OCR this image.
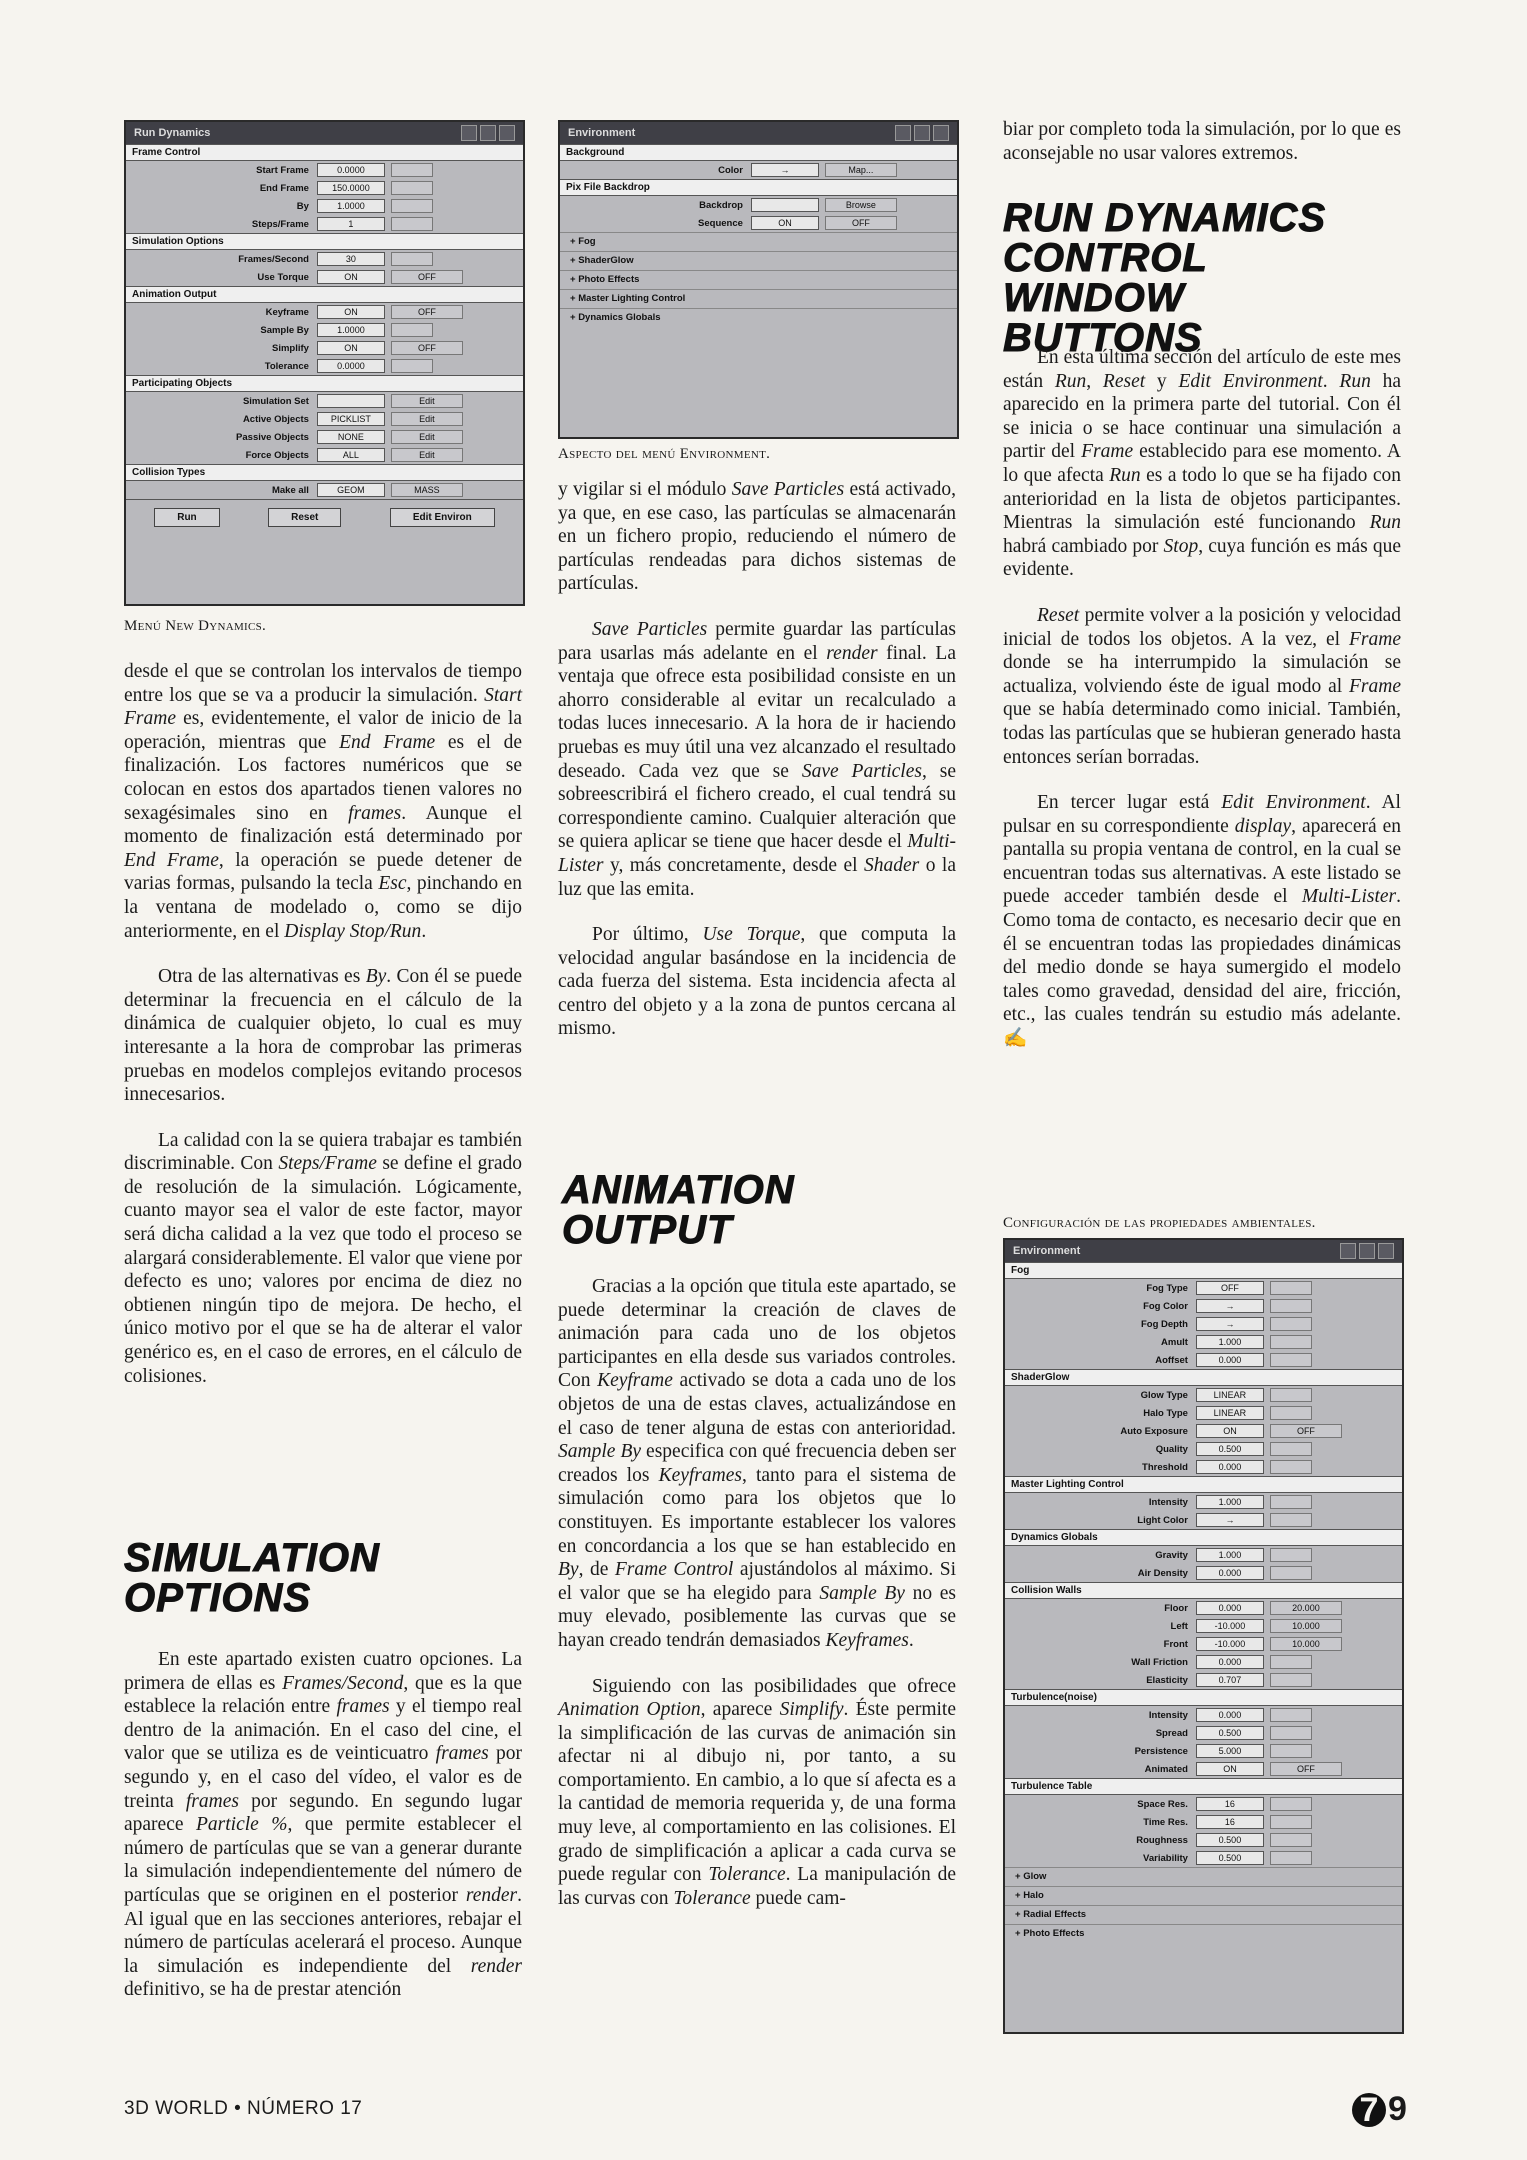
Run Dynamics
Frame Control
Start Frame	0.0000
End Frame	150.0000
By	1.0000
Steps/Frame	1
Simulation Options
Frames/Second	30
Use Torque	ON	OFF
Animation Output
Keyframe	ON	OFF
Sample By	1.0000
Simplify	ON	OFF
Tolerance	0.0000
Participating Objects
Simulation Set	Edit
Active Objects	PICKLIST	Edit
Passive Objects	NONE	Edit
Force Objects	ALL	Edit
Collision Types
Make all	GEOM	MASS
Run	Reset	Edit Environ
Menú New Dynamics.
Environment
Background
Color	→	Map...
Pix File Backdrop
Backdrop	Browse
Sequence	ON	OFF
+ Fog
+ ShaderGlow
+ Photo Effects
+ Master Lighting Control
+ Dynamics Globals
Aspecto del menú Environment.
Configuración de las propiedades ambientales.
Environment
Fog
Fog Type	OFF
Fog Color	→
Fog Depth	→
Amult	1.000
Aoffset	0.000
ShaderGlow
Glow Type	LINEAR
Halo Type	LINEAR
Auto Exposure	ON	OFF
Quality	0.500
Threshold	0.000
Master Lighting Control
Intensity	1.000
Light Color	→
Dynamics Globals
Gravity	1.000
Air Density	0.000
Collision Walls
Floor	0.000	20.000
Left	-10.000	10.000
Front	-10.000	10.000
Wall Friction	0.000
Elasticity	0.707
Turbulence(noise)
Intensity	0.000
Spread	0.500
Persistence	5.000
Animated	ON	OFF
Turbulence Table
Space Res.	16
Time Res.	16
Roughness	0.500
Variability	0.500
+ Glow
+ Halo
+ Radial Effects
+ Photo Effects

desde el que se controlan los intervalos de tiempo entre los que se va a producir la simulación. Start Frame es, evidentemente, el valor de inicio de la operación, mientras que End Frame es el de finalización. Los factores numéricos que se colocan en estos dos apartados tienen valores no sexagésimales sino en frames. Aunque el momento de finalización está determinado por End Frame, la operación se puede detener de varias formas, pulsando la tecla Esc, pinchando en la ventana de modelado o, como se dijo anteriormente, en el Display Stop/Run.

Otra de las alternativas es By. Con él se puede determinar la frecuencia en el cálculo de la dinámica de cualquier objeto, lo cual es muy interesante a la hora de comprobar las primeras pruebas en modelos complejos evitando procesos innecesarios.

La calidad con la se quiera trabajar es también discriminable. Con Steps/Frame se define el grado de resolución de la simulación. Lógicamente, cuanto mayor sea el valor de este factor, mayor será dicha calidad a la vez que todo el proceso se alargará considerablemente. El valor que viene por defecto es uno; valores por encima de diez no obtienen ningún tipo de mejora. De hecho, el único motivo por el que se ha de alterar el valor genérico es, en el caso de errores, en el cálculo de colisiones.

SIMULATION OPTIONS

En este apartado existen cuatro opciones. La primera de ellas es Frames/Second, que es la que establece la relación entre frames y el tiempo real dentro de la animación. En el caso del cine, el valor que se utiliza es de veinticuatro frames por segundo y, en el caso del vídeo, el valor es de treinta frames por segundo. En segundo lugar aparece Particle %, que permite establecer el número de partículas que se van a generar durante la simulación independientemente del número de partículas que se originen en el posterior render. Al igual que en las secciones anteriores, rebajar el número de partículas acelerará el proceso. Aunque la simulación es independiente del render definitivo, se ha de prestar atención

y vigilar si el módulo Save Particles está activado, ya que, en ese caso, las partículas se almacenarán en un fichero propio, reduciendo el número de partículas rendeadas para dichos sistemas de partículas.

Save Particles permite guardar las partículas para usarlas más adelante en el render final. La ventaja que ofrece esta posibilidad consiste en un ahorro considerable al evitar un recalculado a todas luces innecesario. A la hora de ir haciendo pruebas es muy útil una vez alcanzado el resultado deseado. Cada vez que se Save Particles, se sobreescribirá el fichero creado, el cual tendrá su correspondiente camino. Cualquier alteración que se quiera aplicar se tiene que hacer desde el Multi-Lister y, más concretamente, desde el Shader o la luz que las emita.

Por último, Use Torque, que computa la velocidad angular basándose en la incidencia de cada fuerza del sistema. Esta incidencia afecta al centro del objeto y a la zona de puntos cercana al mismo.

ANIMATION OUTPUT

Gracias a la opción que titula este apartado, se puede determinar la creación de claves de animación para cada uno de los objetos participantes en ella desde sus variados controles. Con Keyframe activado se dota a cada uno de los objetos de una de estas claves, actualizándose en el caso de tener alguna de estas con anterioridad. Sample By especifica con qué frecuencia deben ser creados los Keyframes, tanto para el sistema de simulación como para los objetos que lo constituyen. Es importante establecer los valores en concordancia a los que se han establecido en By, de Frame Control ajustándolos al máximo. Si el valor que se ha elegido para Sample By no es muy elevado, posiblemente las curvas que se hayan creado tendrán demasiados Keyframes.

Siguiendo con las posibilidades que ofrece Animation Option, aparece Simplify. Éste permite la simplificación de las curvas de animación sin afectar ni al dibujo ni, por tanto, a su comportamiento. En cambio, a lo que sí afecta es a la cantidad de memoria requerida y, de una forma muy leve, al comportamiento en las colisiones. El grado de simplificación a aplicar a cada curva se puede regular con Tolerance. La manipulación de las curvas con Tolerance puede cam-

biar por completo toda la simulación, por lo que es aconsejable no usar valores extremos.

RUN DYNAMICS CONTROL WINDOW BUTTONS

En esta última sección del artículo de este mes están Run, Reset y Edit Environment. Run ha aparecido en la primera parte del tutorial. Con él se inicia o se hace continuar una simulación a partir del Frame establecido para ese momento. A lo que afecta Run es a todo lo que se ha fijado con anterioridad en la lista de objetos participantes. Mientras la simulación esté funcionando Run habrá cambiado por Stop, cuya función es más que evidente.

Reset permite volver a la posición y velocidad inicial de todos los objetos. A la vez, el Frame donde se ha interrumpido la simulación se actualiza, volviendo éste de igual modo al Frame que se había determinado como inicial. También, todas las partículas que se hubieran generado hasta entonces serían borradas.

En tercer lugar está Edit Environment. Al pulsar en su correspondiente display, aparecerá en pantalla su propia ventana de control, en la cual se encuentran todas sus alternativas. A este listado se puede acceder también desde el Multi-Lister. Como toma de contacto, es necesario decir que en él se encuentran todas las propiedades dinámicas del medio donde se haya sumergido el modelo tales como gravedad, densidad del aire, fricción, etc., las cuales tendrán su estudio más adelante. ✍

3D WORLD • NÚMERO 17	7 9
